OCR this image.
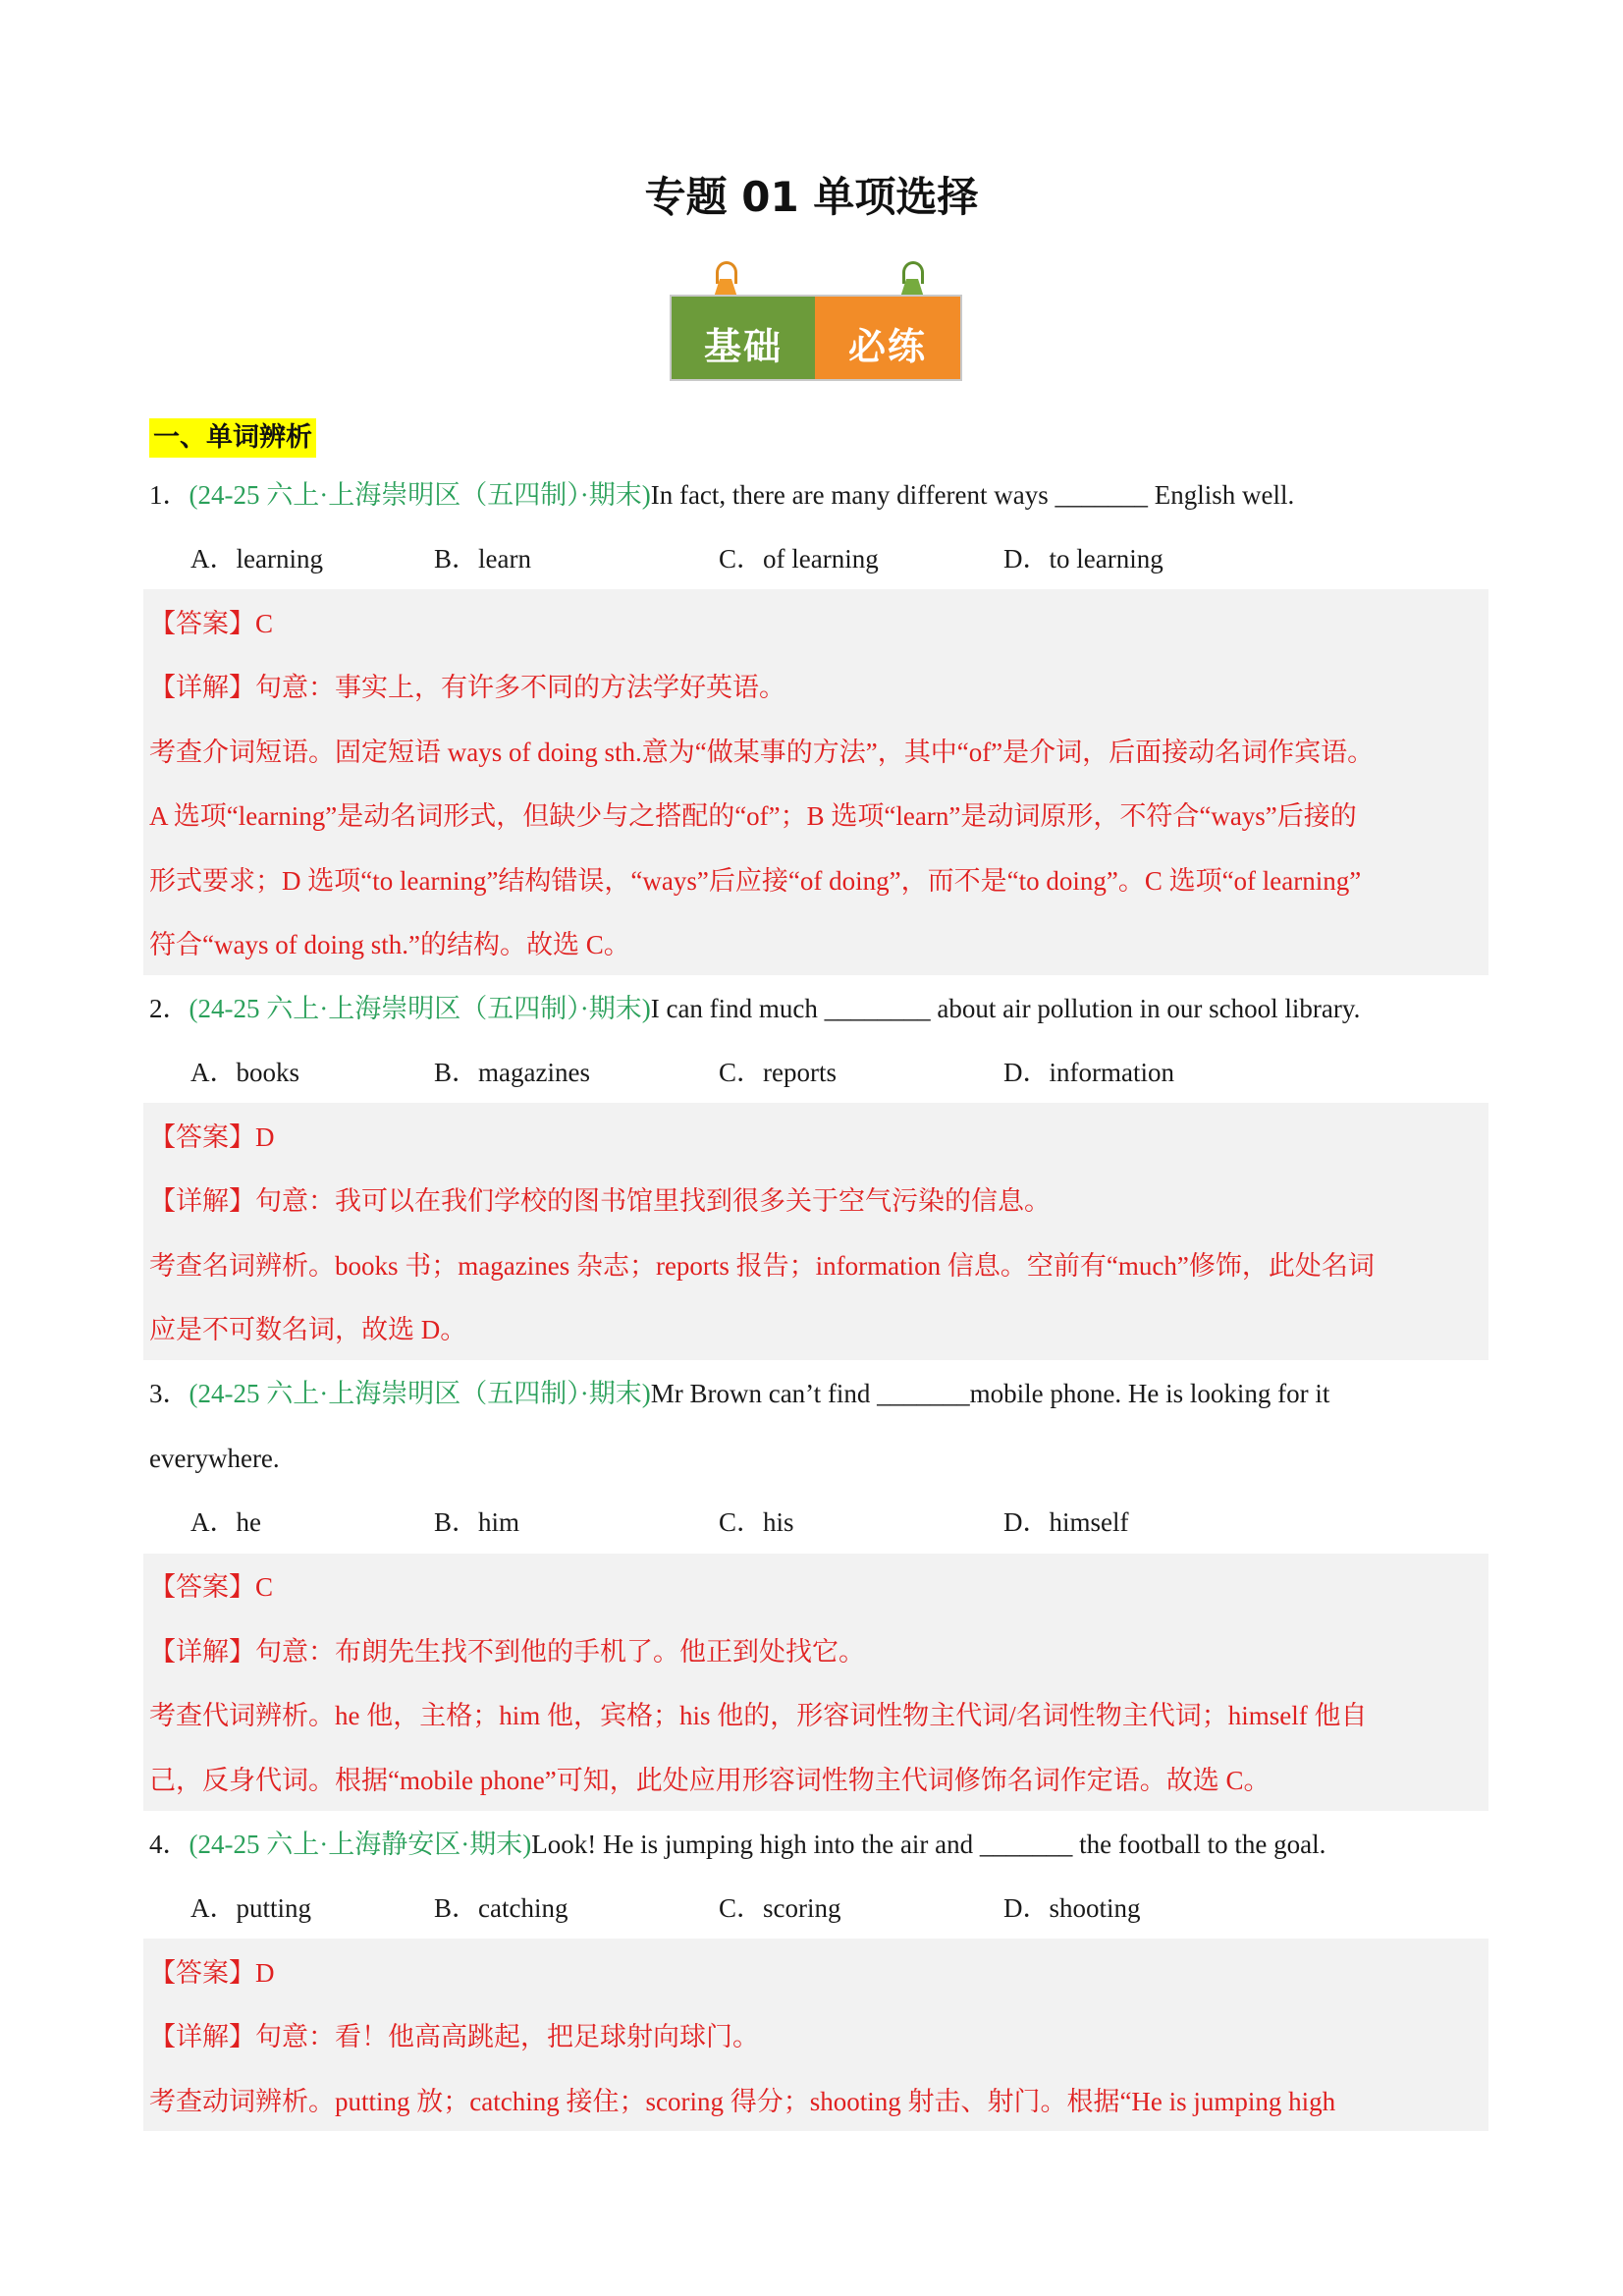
专题 01 单项选择
基础	必练
一、单词辨析
1．(24-25 六上·上海崇明区（五四制）·期末)In fact, there are many different ways _______ English well.
A．learning	B．learn	C．of learning	D．to learning
【答案】C
【详解】句意：事实上，有许多不同的方法学好英语。
考查介词短语。固定短语 ways of doing sth.意为“做某事的方法”，其中“of”是介词，后面接动名词作宾语。
A 选项“learning”是动名词形式，但缺少与之搭配的“of”；B 选项“learn”是动词原形，不符合“ways”后接的
形式要求；D 选项“to learning”结构错误，“ways”后应接“of doing”，而不是“to doing”。C 选项“of learning”
符合“ways of doing sth.”的结构。故选 C。
2．(24-25 六上·上海崇明区（五四制）·期末)I can find much ________ about air pollution in our school library.
A．books	B．magazines	C．reports	D．information
【答案】D
【详解】句意：我可以在我们学校的图书馆里找到很多关于空气污染的信息。
考查名词辨析。books 书；magazines 杂志；reports 报告；information 信息。空前有“much”修饰，此处名词
应是不可数名词，故选 D。
3．(24-25 六上·上海崇明区（五四制）·期末)Mr Brown can’t find _______mobile phone. He is looking for it
everywhere.
A．he	B．him	C．his	D．himself
【答案】C
【详解】句意：布朗先生找不到他的手机了。他正到处找它。
考查代词辨析。he 他，主格；him 他，宾格；his 他的，形容词性物主代词/名词性物主代词；himself 他自
己，反身代词。根据“mobile phone”可知，此处应用形容词性物主代词修饰名词作定语。故选 C。
4．(24-25 六上·上海静安区·期末)Look! He is jumping high into the air and _______ the football to the goal.
A．putting	B．catching	C．scoring	D．shooting
【答案】D
【详解】句意：看！他高高跳起，把足球射向球门。
考查动词辨析。putting 放；catching 接住；scoring 得分；shooting 射击、射门。根据“He is jumping high
